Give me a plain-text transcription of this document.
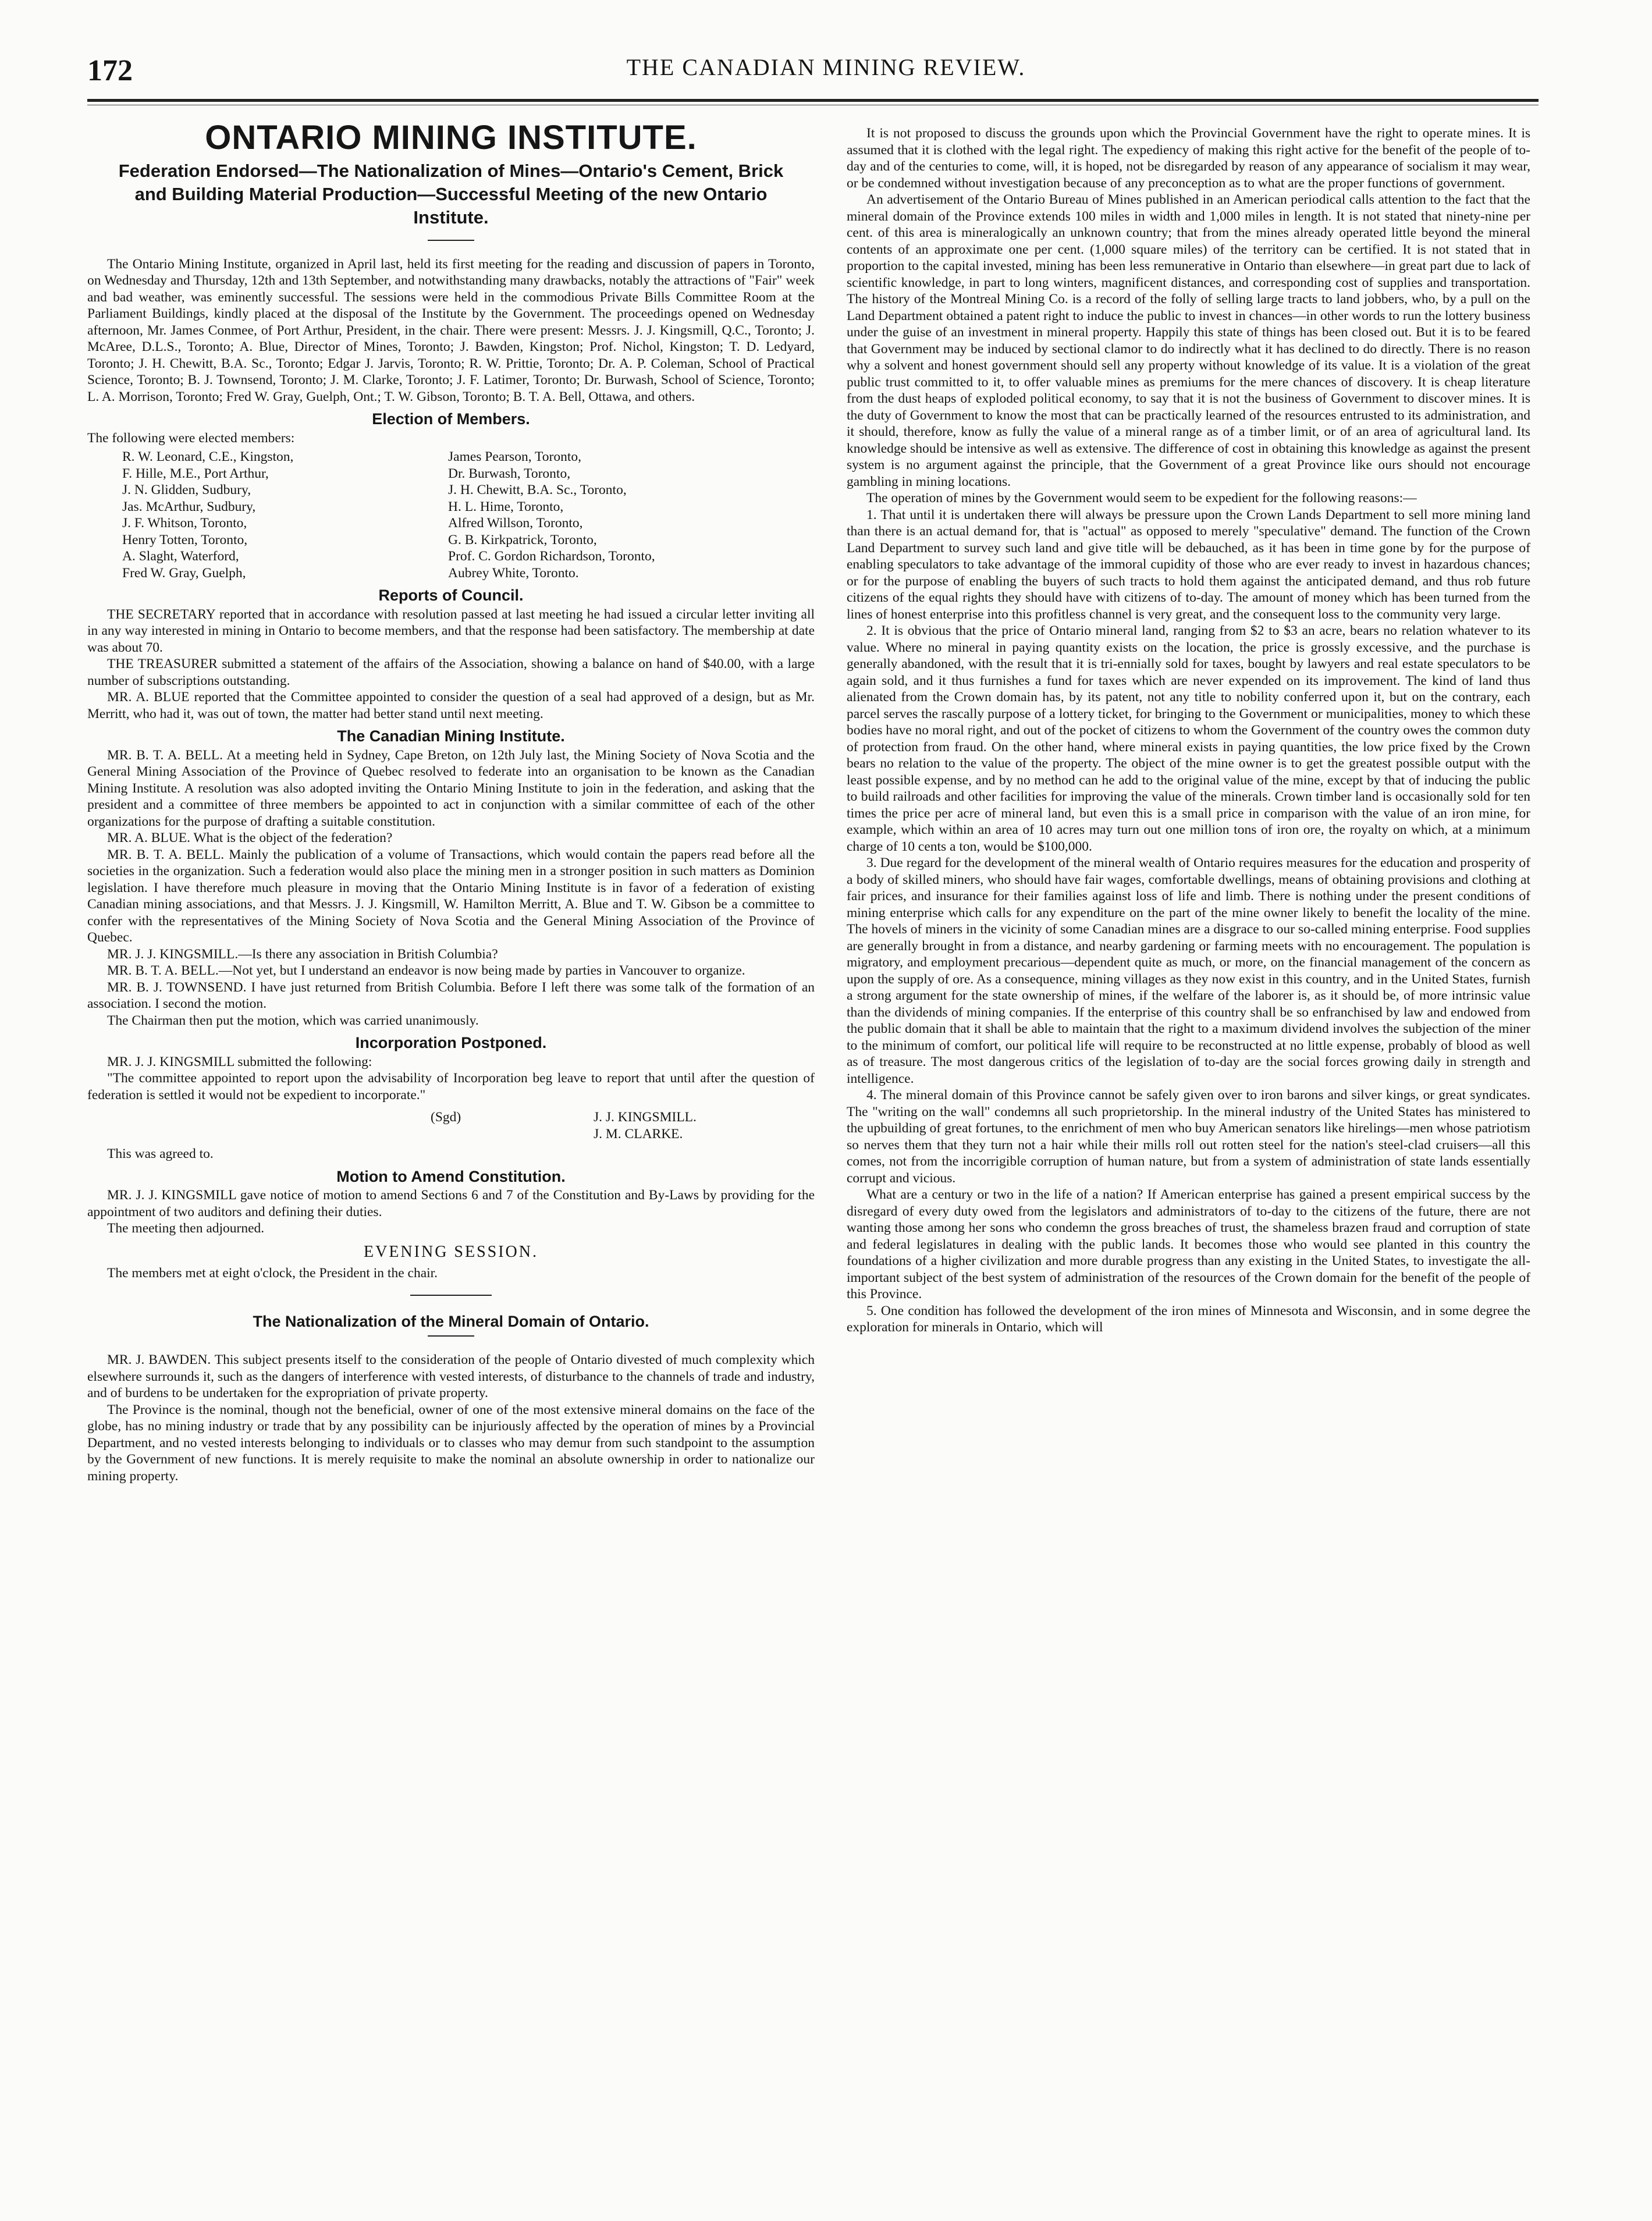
172	THE CANADIAN MINING REVIEW.
ONTARIO MINING INSTITUTE.
Federation Endorsed—The Nationalization of Mines—Ontario's Cement, Brick and Building Material Production—Successful Meeting of the new Ontario Institute.

The Ontario Mining Institute, organized in April last, held its first meeting for the reading and discussion of papers in Toronto, on Wednesday and Thursday, 12th and 13th September, and notwithstanding many drawbacks, notably the attractions of "Fair" week and bad weather, was eminently successful. The sessions were held in the commodious Private Bills Committee Room at the Parliament Buildings, kindly placed at the disposal of the Institute by the Government. The proceedings opened on Wednesday afternoon, Mr. James Conmee, of Port Arthur, President, in the chair. There were present: Messrs. J. J. Kingsmill, Q.C., Toronto; J. McAree, D.L.S., Toronto; A. Blue, Director of Mines, Toronto; J. Bawden, Kingston; Prof. Nichol, Kingston; T. D. Ledyard, Toronto; J. H. Chewitt, B.A. Sc., Toronto; Edgar J. Jarvis, Toronto; R. W. Prittie, Toronto; Dr. A. P. Coleman, School of Practical Science, Toronto; B. J. Townsend, Toronto; J. M. Clarke, Toronto; J. F. Latimer, Toronto; Dr. Burwash, School of Science, Toronto; L. A. Morrison, Toronto; Fred W. Gray, Guelph, Ont.; T. W. Gibson, Toronto; B. T. A. Bell, Ottawa, and others.

Election of Members.

The following were elected members:

R. W. Leonard, C.E., Kingston,	James Pearson, Toronto,
F. Hille, M.E., Port Arthur,	Dr. Burwash, Toronto,
J. N. Glidden, Sudbury,	J. H. Chewitt, B.A. Sc., Toronto,
Jas. McArthur, Sudbury,	H. L. Hime, Toronto,
J. F. Whitson, Toronto,	Alfred Willson, Toronto,
Henry Totten, Toronto,	G. B. Kirkpatrick, Toronto,
A. Slaght, Waterford,	Prof. C. Gordon Richardson, Toronto,
Fred W. Gray, Guelph,	Aubrey White, Toronto.
Reports of Council.

THE SECRETARY reported that in accordance with resolution passed at last meeting he had issued a circular letter inviting all in any way interested in mining in Ontario to become members, and that the response had been satisfactory. The membership at date was about 70.

THE TREASURER submitted a statement of the affairs of the Association, showing a balance on hand of $40.00, with a large number of subscriptions outstanding.

MR. A. BLUE reported that the Committee appointed to consider the question of a seal had approved of a design, but as Mr. Merritt, who had it, was out of town, the matter had better stand until next meeting.

The Canadian Mining Institute.

MR. B. T. A. BELL. At a meeting held in Sydney, Cape Breton, on 12th July last, the Mining Society of Nova Scotia and the General Mining Association of the Province of Quebec resolved to federate into an organisation to be known as the Canadian Mining Institute. A resolution was also adopted inviting the Ontario Mining Institute to join in the federation, and asking that the president and a committee of three members be appointed to act in conjunction with a similar committee of each of the other organizations for the purpose of drafting a suitable constitution.

MR. A. BLUE. What is the object of the federation?

MR. B. T. A. BELL. Mainly the publication of a volume of Transactions, which would contain the papers read before all the societies in the organization. Such a federation would also place the mining men in a stronger position in such matters as Dominion legislation. I have therefore much pleasure in moving that the Ontario Mining Institute is in favor of a federation of existing Canadian mining associations, and that Messrs. J. J. Kingsmill, W. Hamilton Merritt, A. Blue and T. W. Gibson be a committee to confer with the representatives of the Mining Society of Nova Scotia and the General Mining Association of the Province of Quebec.

MR. J. J. KINGSMILL.—Is there any association in British Columbia?

MR. B. T. A. BELL.—Not yet, but I understand an endeavor is now being made by parties in Vancouver to organize.

MR. B. J. TOWNSEND. I have just returned from British Columbia. Before I left there was some talk of the formation of an association. I second the motion.

The Chairman then put the motion, which was carried unanimously.

Incorporation Postponed.

MR. J. J. KINGSMILL submitted the following:

"The committee appointed to report upon the advisability of Incorporation beg leave to report that until after the question of federation is settled it would not be expedient to incorporate."

(Sgd)	J. J. KINGSMILL.
J. M. CLARKE.

This was agreed to.

Motion to Amend Constitution.

MR. J. J. KINGSMILL gave notice of motion to amend Sections 6 and 7 of the Constitution and By-Laws by providing for the appointment of two auditors and defining their duties.

The meeting then adjourned.

EVENING SESSION.

The members met at eight o'clock, the President in the chair.

The Nationalization of the Mineral Domain of Ontario.

MR. J. BAWDEN. This subject presents itself to the consideration of the people of Ontario divested of much complexity which elsewhere surrounds it, such as the dangers of interference with vested interests, of disturbance to the channels of trade and industry, and of burdens to be undertaken for the expropriation of private property.

The Province is the nominal, though not the beneficial, owner of one of the most extensive mineral domains on the face of the globe, has no mining industry or trade that by any possibility can be injuriously affected by the operation of mines by a Provincial Department, and no vested interests belonging to individuals or to classes who may demur from such standpoint to the assumption by the Government of new functions. It is merely requisite to make the nominal an absolute ownership in order to nationalize our mining property.

It is not proposed to discuss the grounds upon which the Provincial Government have the right to operate mines. It is assumed that it is clothed with the legal right. The expediency of making this right active for the benefit of the people of to-day and of the centuries to come, will, it is hoped, not be disregarded by reason of any appearance of socialism it may wear, or be condemned without investigation because of any preconception as to what are the proper functions of government.

An advertisement of the Ontario Bureau of Mines published in an American periodical calls attention to the fact that the mineral domain of the Province extends 100 miles in width and 1,000 miles in length. It is not stated that ninety-nine per cent. of this area is mineralogically an unknown country; that from the mines already operated little beyond the mineral contents of an approximate one per cent. (1,000 square miles) of the territory can be certified. It is not stated that in proportion to the capital invested, mining has been less remunerative in Ontario than elsewhere—in great part due to lack of scientific knowledge, in part to long winters, magnificent distances, and corresponding cost of supplies and transportation. The history of the Montreal Mining Co. is a record of the folly of selling large tracts to land jobbers, who, by a pull on the Land Department obtained a patent right to induce the public to invest in chances—in other words to run the lottery business under the guise of an investment in mineral property. Happily this state of things has been closed out. But it is to be feared that Government may be induced by sectional clamor to do indirectly what it has declined to do directly. There is no reason why a solvent and honest government should sell any property without knowledge of its value. It is a violation of the great public trust committed to it, to offer valuable mines as premiums for the mere chances of discovery. It is cheap literature from the dust heaps of exploded political economy, to say that it is not the business of Government to discover mines. It is the duty of Government to know the most that can be practically learned of the resources entrusted to its administration, and it should, therefore, know as fully the value of a mineral range as of a timber limit, or of an area of agricultural land. Its knowledge should be intensive as well as extensive. The difference of cost in obtaining this knowledge as against the present system is no argument against the principle, that the Government of a great Province like ours should not encourage gambling in mining locations.

The operation of mines by the Government would seem to be expedient for the following reasons:—

1. That until it is undertaken there will always be pressure upon the Crown Lands Department to sell more mining land than there is an actual demand for, that is "actual" as opposed to merely "speculative" demand. The function of the Crown Land Department to survey such land and give title will be debauched, as it has been in time gone by for the purpose of enabling speculators to take advantage of the immoral cupidity of those who are ever ready to invest in hazardous chances; or for the purpose of enabling the buyers of such tracts to hold them against the anticipated demand, and thus rob future citizens of the equal rights they should have with citizens of to-day. The amount of money which has been turned from the lines of honest enterprise into this profitless channel is very great, and the consequent loss to the community very large.

2. It is obvious that the price of Ontario mineral land, ranging from $2 to $3 an acre, bears no relation whatever to its value. Where no mineral in paying quantity exists on the location, the price is grossly excessive, and the purchase is generally abandoned, with the result that it is tri-ennially sold for taxes, bought by lawyers and real estate speculators to be again sold, and it thus furnishes a fund for taxes which are never expended on its improvement. The kind of land thus alienated from the Crown domain has, by its patent, not any title to nobility conferred upon it, but on the contrary, each parcel serves the rascally purpose of a lottery ticket, for bringing to the Government or municipalities, money to which these bodies have no moral right, and out of the pocket of citizens to whom the Government of the country owes the common duty of protection from fraud. On the other hand, where mineral exists in paying quantities, the low price fixed by the Crown bears no relation to the value of the property. The object of the mine owner is to get the greatest possible output with the least possible expense, and by no method can he add to the original value of the mine, except by that of inducing the public to build railroads and other facilities for improving the value of the minerals. Crown timber land is occasionally sold for ten times the price per acre of mineral land, but even this is a small price in comparison with the value of an iron mine, for example, which within an area of 10 acres may turn out one million tons of iron ore, the royalty on which, at a minimum charge of 10 cents a ton, would be $100,000.

3. Due regard for the development of the mineral wealth of Ontario requires measures for the education and prosperity of a body of skilled miners, who should have fair wages, comfortable dwellings, means of obtaining provisions and clothing at fair prices, and insurance for their families against loss of life and limb. There is nothing under the present conditions of mining enterprise which calls for any expenditure on the part of the mine owner likely to benefit the locality of the mine. The hovels of miners in the vicinity of some Canadian mines are a disgrace to our so-called mining enterprise. Food supplies are generally brought in from a distance, and nearby gardening or farming meets with no encouragement. The population is migratory, and employment precarious—dependent quite as much, or more, on the financial management of the concern as upon the supply of ore. As a consequence, mining villages as they now exist in this country, and in the United States, furnish a strong argument for the state ownership of mines, if the welfare of the laborer is, as it should be, of more intrinsic value than the dividends of mining companies. If the enterprise of this country shall be so enfranchised by law and endowed from the public domain that it shall be able to maintain that the right to a maximum dividend involves the subjection of the miner to the minimum of comfort, our political life will require to be reconstructed at no little expense, probably of blood as well as of treasure. The most dangerous critics of the legislation of to-day are the social forces growing daily in strength and intelligence.

4. The mineral domain of this Province cannot be safely given over to iron barons and silver kings, or great syndicates. The "writing on the wall" condemns all such proprietorship. In the mineral industry of the United States has ministered to the upbuilding of great fortunes, to the enrichment of men who buy American senators like hirelings—men whose patriotism so nerves them that they turn not a hair while their mills roll out rotten steel for the nation's steel-clad cruisers—all this comes, not from the incorrigible corruption of human nature, but from a system of administration of state lands essentially corrupt and vicious.

What are a century or two in the life of a nation? If American enterprise has gained a present empirical success by the disregard of every duty owed from the legislators and administrators of to-day to the citizens of the future, there are not wanting those among her sons who condemn the gross breaches of trust, the shameless brazen fraud and corruption of state and federal legislatures in dealing with the public lands. It becomes those who would see planted in this country the foundations of a higher civilization and more durable progress than any existing in the United States, to investigate the all-important subject of the best system of administration of the resources of the Crown domain for the benefit of the people of this Province.

5. One condition has followed the development of the iron mines of Minnesota and Wisconsin, and in some degree the exploration for minerals in Ontario, which will
